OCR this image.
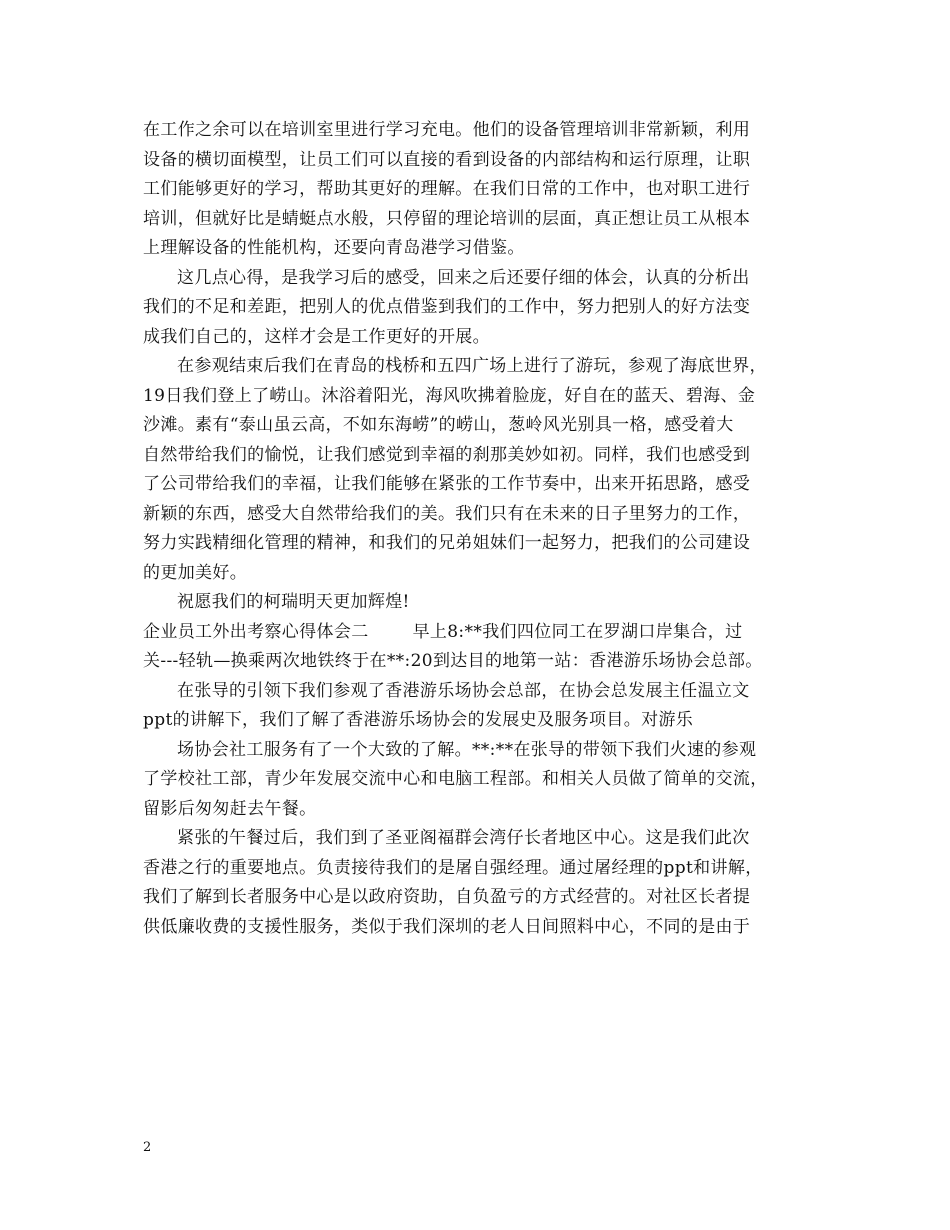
在工作之余可以在培训室里进行学习充电。他们的设备管理培训非常新颖，利用
设备的横切面模型，让员工们可以直接的看到设备的内部结构和运行原理，让职
工们能够更好的学习，帮助其更好的理解。在我们日常的工作中，也对职工进行
培训，但就好比是蜻蜓点水般，只停留的理论培训的层面，真正想让员工从根本
上理解设备的性能机构，还要向青岛港学习借鉴。
这几点心得，是我学习后的感受，回来之后还要仔细的体会，认真的分析出
我们的不足和差距，把别人的优点借鉴到我们的工作中，努力把别人的好方法变
成我们自己的，这样才会是工作更好的开展。
在参观结束后我们在青岛的栈桥和五四广场上进行了游玩，参观了海底世界，
19日我们登上了崂山。沐浴着阳光，海风吹拂着脸庞，好自在的蓝天、碧海、金
沙滩。素有“泰山虽云高，不如东海崂”的崂山，葱岭风光别具一格，感受着大
自然带给我们的愉悦，让我们感觉到幸福的刹那美妙如初。同样，我们也感受到
了公司带给我们的幸福，让我们能够在紧张的工作节奏中，出来开拓思路，感受
新颖的东西，感受大自然带给我们的美。我们只有在未来的日子里努力的工作，
努力实践精细化管理的精神，和我们的兄弟姐妹们一起努力，把我们的公司建设
的更加美好。
祝愿我们的柯瑞明天更加辉煌!
企业员工外出考察心得体会二	早上8:**我们四位同工在罗湖口岸集合，过
关---轻轨—换乘两次地铁终于在**:20到达目的地第一站：香港游乐场协会总部。
在张导的引领下我们参观了香港游乐场协会总部，在协会总发展主任温立文
ppt的讲解下，我们了解了香港游乐场协会的发展史及服务项目。对游乐
场协会社工服务有了一个大致的了解。**:**在张导的带领下我们火速的参观
了学校社工部，青少年发展交流中心和电脑工程部。和相关人员做了简单的交流，
留影后匆匆赶去午餐。
紧张的午餐过后，我们到了圣亚阁福群会湾仔长者地区中心。这是我们此次
香港之行的重要地点。负责接待我们的是屠自强经理。通过屠经理的ppt和讲解，
我们了解到长者服务中心是以政府资助，自负盈亏的方式经营的。对社区长者提
供低廉收费的支援性服务，类似于我们深圳的老人日间照料中心，不同的是由于
2
